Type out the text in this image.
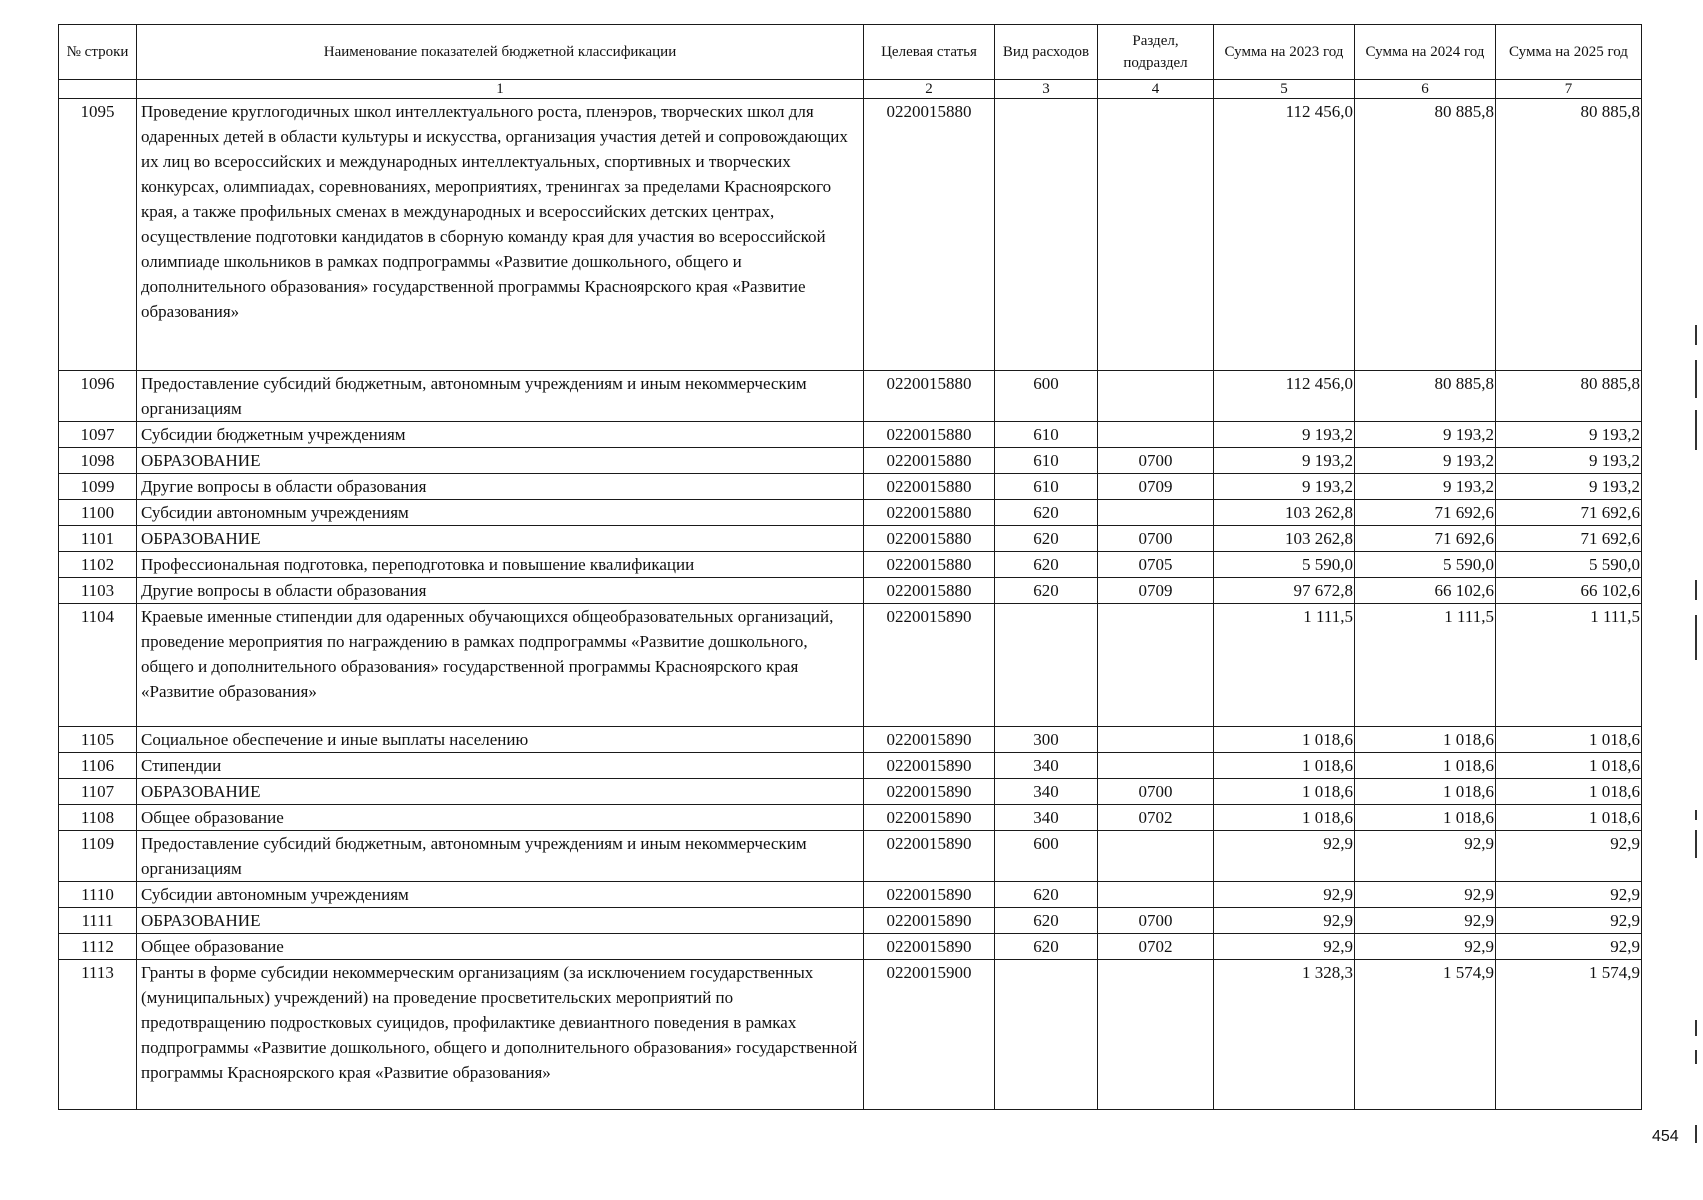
№ строки	Наименование показателей бюджетной классификации	Целевая статья	Вид расходов	Раздел, подраздел	Сумма на 2023 год	Сумма на 2024 год	Сумма на 2025 год
	1	2	3	4	5	6	7
1095	Проведение круглогодичных школ интеллектуального роста, пленэров, творческих школ для одаренных детей в области культуры и искусства, организация участия детей и сопровождающих их лиц во всероссийских и международных интеллектуальных, спортивных и творческих конкурсах, олимпиадах, соревнованиях, мероприятиях, тренингах за пределами Красноярского края, а также профильных сменах в международных и всероссийских детских центрах, осуществление подготовки кандидатов в сборную команду края для участия во всероссийской олимпиаде школьников в рамках подпрограммы «Развитие дошкольного, общего и дополнительного образования» государственной программы Красноярского края «Развитие образования»	0220015880			112 456,0	80 885,8	80 885,8
1096	Предоставление субсидий бюджетным, автономным учреждениям и иным некоммерческим организациям	0220015880	600		112 456,0	80 885,8	80 885,8
1097	Субсидии бюджетным учреждениям	0220015880	610		9 193,2	9 193,2	9 193,2
1098	ОБРАЗОВАНИЕ	0220015880	610	0700	9 193,2	9 193,2	9 193,2
1099	Другие вопросы в области образования	0220015880	610	0709	9 193,2	9 193,2	9 193,2
1100	Субсидии автономным учреждениям	0220015880	620		103 262,8	71 692,6	71 692,6
1101	ОБРАЗОВАНИЕ	0220015880	620	0700	103 262,8	71 692,6	71 692,6
1102	Профессиональная подготовка, переподготовка и повышение квалификации	0220015880	620	0705	5 590,0	5 590,0	5 590,0
1103	Другие вопросы в области образования	0220015880	620	0709	97 672,8	66 102,6	66 102,6
1104	Краевые именные стипендии для одаренных обучающихся общеобразовательных организаций, проведение мероприятия по награждению в рамках подпрограммы «Развитие дошкольного, общего и дополнительного образования» государственной программы Красноярского края «Развитие образования»	0220015890			1 111,5	1 111,5	1 111,5
1105	Социальное обеспечение и иные выплаты населению	0220015890	300		1 018,6	1 018,6	1 018,6
1106	Стипендии	0220015890	340		1 018,6	1 018,6	1 018,6
1107	ОБРАЗОВАНИЕ	0220015890	340	0700	1 018,6	1 018,6	1 018,6
1108	Общее образование	0220015890	340	0702	1 018,6	1 018,6	1 018,6
1109	Предоставление субсидий бюджетным, автономным учреждениям и иным некоммерческим организациям	0220015890	600		92,9	92,9	92,9
1110	Субсидии автономным учреждениям	0220015890	620		92,9	92,9	92,9
1111	ОБРАЗОВАНИЕ	0220015890	620	0700	92,9	92,9	92,9
1112	Общее образование	0220015890	620	0702	92,9	92,9	92,9
1113	Гранты в форме субсидии некоммерческим организациям (за исключением государственных (муниципальных) учреждений) на проведение просветительских мероприятий по предотвращению подростковых суицидов, профилактике девиантного поведения в рамках подпрограммы «Развитие дошкольного, общего и дополнительного образования» государственной программы Красноярского края «Развитие образования»	0220015900			1 328,3	1 574,9	1 574,9
454
